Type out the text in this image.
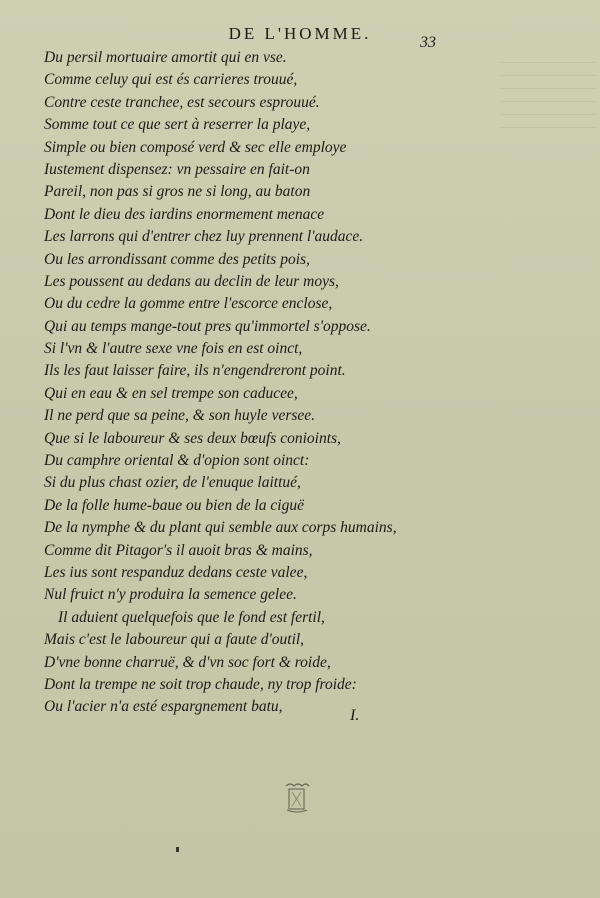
DE L'HOMME.	33
Du persil mortuaire amortit qui en vse.
Comme celuy qui est és carrieres trouué,
Contre ceste tranchee, est secours esprouué.
Somme tout ce que sert à reserrer la playe,
Simple ou bien composé verd & sec elle employe
Iustement dispensez: vn pessaire en fait-on
Pareil, non pas si gros ne si long, au baton
Dont le dieu des iardins enormement menace
Les larrons qui d'entrer chez luy prennent l'audace.
Ou les arrondissant comme des petits pois,
Les poussent au dedans au declin de leur moys,
Ou du cedre la gomme entre l'escorce enclose,
Qui au temps mange-tout pres qu'immortel s'oppose.
Si l'vn & l'autre sexe vne fois en est oinct,
Ils les faut laisser faire, ils n'engendreront point.
Qui en eau & en sel trempe son caducee,
Il ne perd que sa peine, & son huyle versee.
Que si le laboureur & ses deux bœufs conioints,
Du camphre oriental & d'opion sont oinct:
Si du plus chast ozier, de l'enuque laittué,
De la folle hume-baue ou bien de la ciguë
De la nymphe & du plant qui semble aux corps humains,
Comme dit Pitagor's il auoit bras & mains,
Les ius sont respanduz dedans ceste valee,
Nul fruict n'y produira la semence gelee.
Il aduient quelquefois que le fond est fertil,
Mais c'est le laboureur qui a faute d'outil,
D'vne bonne charruë, & d'vn soc fort & roide,
Dont la trempe ne soit trop chaude, ny trop froide:
Ou l'acier n'a esté espargnement batu,
I.
